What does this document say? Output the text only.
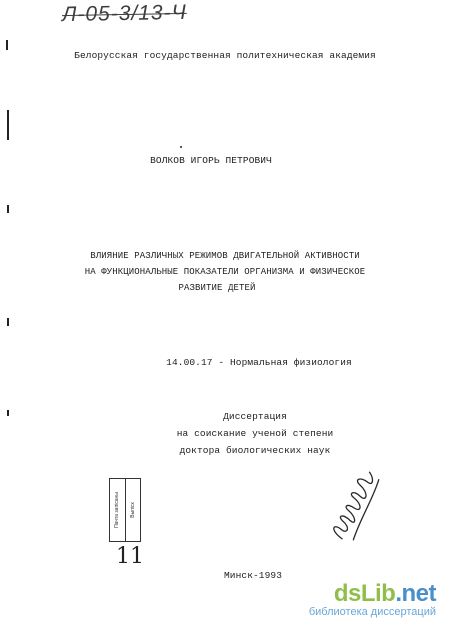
Л-05-3/13-Ч
Белорусская государственная политехническая академия
ВОЛКОВ ИГОРЬ ПЕТРОВИЧ
ВЛИЯНИЕ РАЗЛИЧНЫХ РЕЖИМОВ ДВИГАТЕЛЬНОЙ АКТИВНОСТИ
НА ФУНКЦИОНАЛЬНЫЕ ПОКАЗАТЕЛИ ОРГАНИЗМА И ФИЗИЧЕСКОЕ
РАЗВИТИЕ ДЕТЕЙ
14.00.17 - Нормальная физиология
Диссертация
на соискание ученой степени
доктора биологических наук
Пачта запісаны Выпіск
11
Минск-1993
dsLib.net
библиотека диссертаций
